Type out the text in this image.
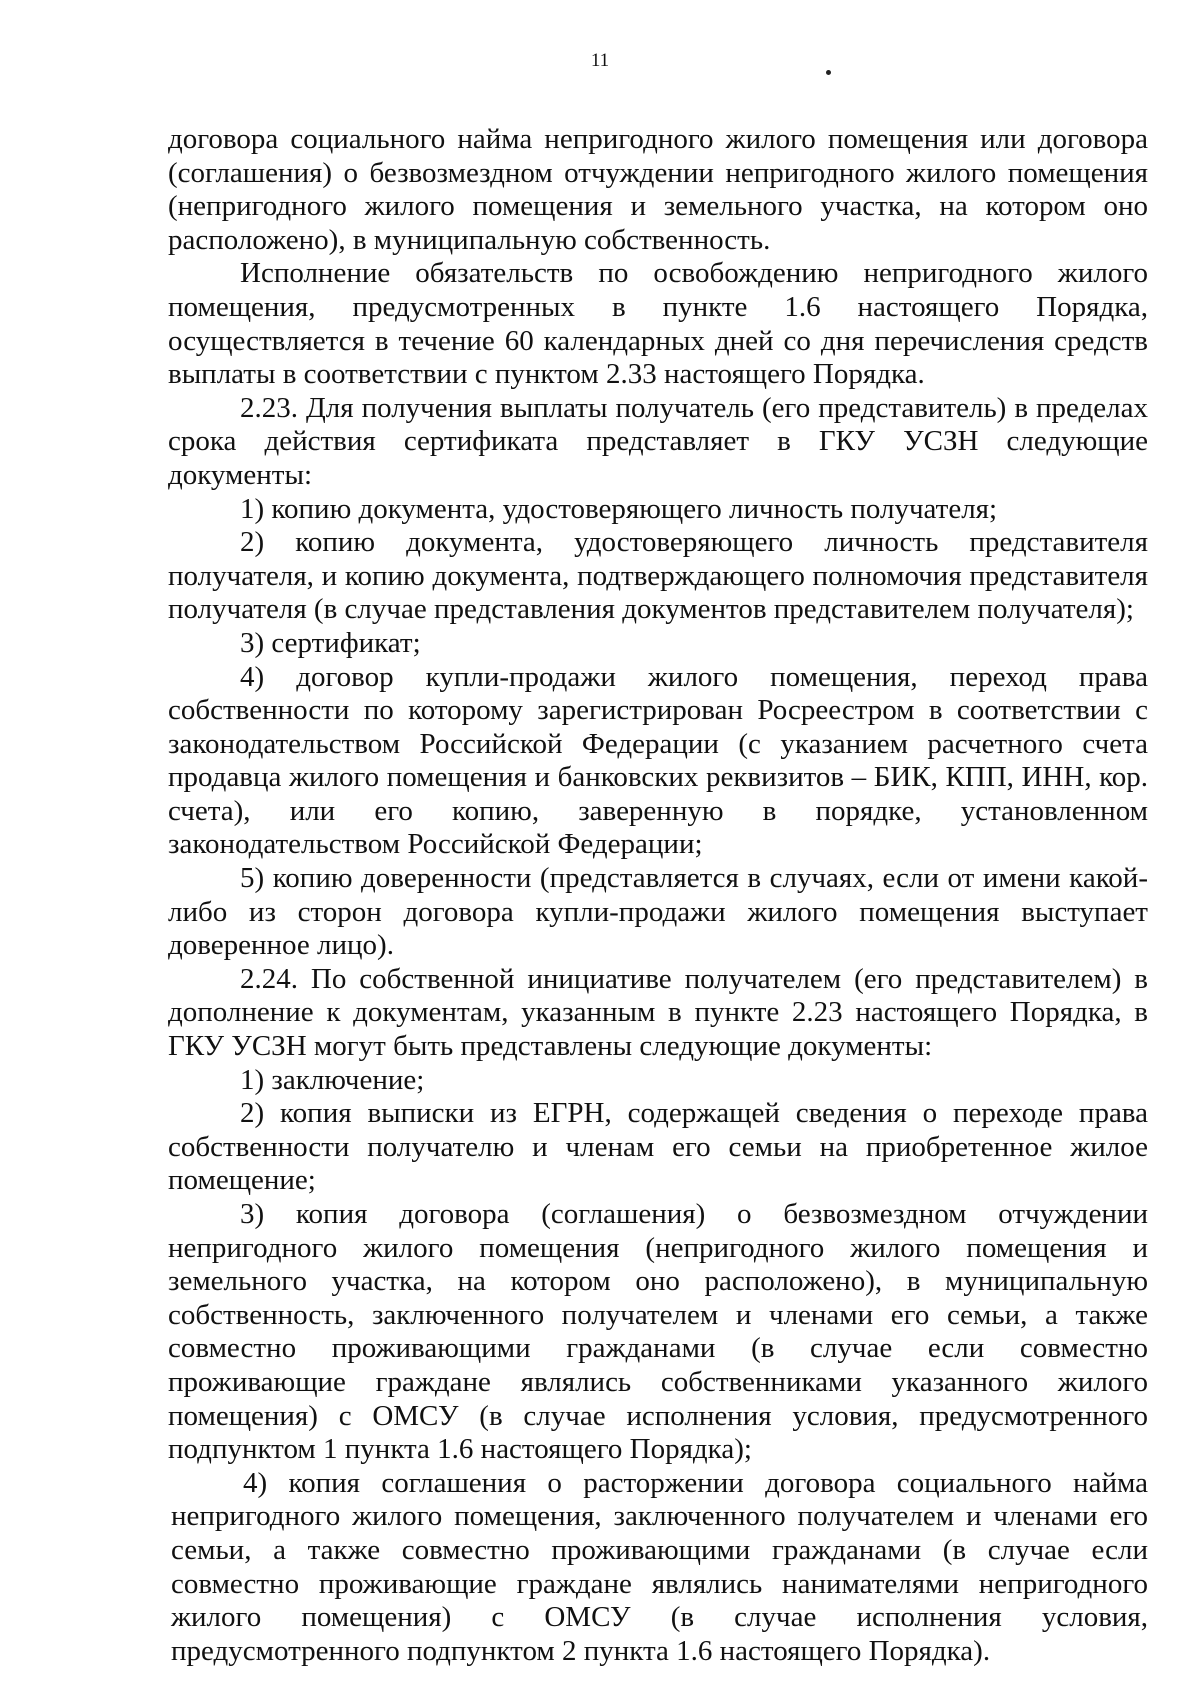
11

договора социального найма непригодного жилого помещения или договора (соглашения) о безвозмездном отчуждении непригодного жилого помещения (непригодного жилого помещения и земельного участка, на котором оно расположено), в муниципальную собственность.

Исполнение обязательств по освобождению непригодного жилого помещения, предусмотренных в пункте 1.6 настоящего Порядка, осуществляется в течение 60 календарных дней со дня перечисления средств выплаты в соответствии с пунктом 2.33 настоящего Порядка.

2.23. Для получения выплаты получатель (его представитель) в пределах срока действия сертификата представляет в ГКУ УСЗН следующие документы:

1) копию документа, удостоверяющего личность получателя;

2) копию документа, удостоверяющего личность представителя получателя, и копию документа, подтверждающего полномочия представителя получателя (в случае представления документов представителем получателя);

3) сертификат;

4) договор купли-продажи жилого помещения, переход права собственности по которому зарегистрирован Росреестром в соответствии с законодательством Российской Федерации (с указанием расчетного счета продавца жилого помещения и банковских реквизитов – БИК, КПП, ИНН, кор. счета), или его копию, заверенную в порядке, установленном законодательством Российской Федерации;

5) копию доверенности (представляется в случаях, если от имени какой-либо из сторон договора купли-продажи жилого помещения выступает доверенное лицо).

2.24. По собственной инициативе получателем (его представителем) в дополнение к документам, указанным в пункте 2.23 настоящего Порядка, в ГКУ УСЗН могут быть представлены следующие документы:

1) заключение;

2) копия выписки из ЕГРН, содержащей сведения о переходе права собственности получателю и членам его семьи на приобретенное жилое помещение;

3) копия договора (соглашения) о безвозмездном отчуждении непригодного жилого помещения (непригодного жилого помещения и земельного участка, на котором оно расположено), в муниципальную собственность, заключенного получателем и членами его семьи, а также совместно проживающими гражданами (в случае если совместно проживающие граждане являлись собственниками указанного жилого помещения) с ОМСУ (в случае исполнения условия, предусмотренного подпунктом 1 пункта 1.6 настоящего Порядка);

4) копия соглашения о расторжении договора социального найма непригодного жилого помещения, заключенного получателем и членами его семьи, а также совместно проживающими гражданами (в случае если совместно проживающие граждане являлись нанимателями непригодного жилого помещения) с ОМСУ (в случае исполнения условия, предусмотренного подпунктом 2 пункта 1.6 настоящего Порядка).
